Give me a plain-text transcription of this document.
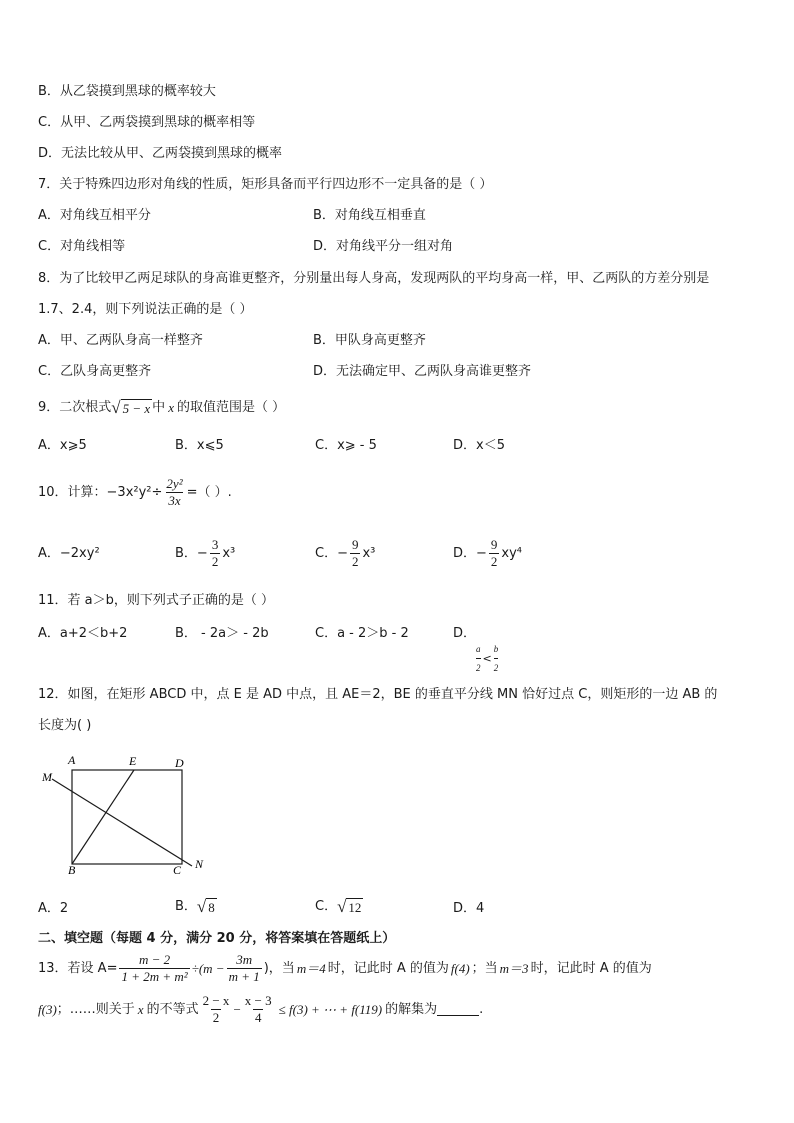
B．从乙袋摸到黑球的概率较大
C．从甲、乙两袋摸到黑球的概率相等
D．无法比较从甲、乙两袋摸到黑球的概率
7．关于特殊四边形对角线的性质，矩形具备而平行四边形不一定具备的是（ ）
A．对角线互相平分	B．对角线互相垂直
C．对角线相等	D．对角线平分一组对角
8．为了比较甲乙两足球队的身高谁更整齐，分别量出每人身高，发现两队的平均身高一样，甲、乙两队的方差分别是
1.7、2.4，则下列说法正确的是（ ）
A．甲、乙两队身高一样整齐	B．甲队身高更整齐
C．乙队身高更整齐	D．无法确定甲、乙两队身高谁更整齐
9．二次根式 √ 5 − x 中 x 的取值范围是（ ）
A．x⩾5	B．x⩽5	C．x⩾ - 5	D．x＜5
10．计算：$-3x^2y^2\div \frac{\text{2y²}}{3x}$ =（ ）.
A．−2xy²	B．− $\frac{3}{2} x^3$	C．− $\frac{9}{2} x^3$	D．− $\frac{9}{2} xy^4$
11．若 a＞b，则下列式子正确的是（ ）
A．a+2＜b+2	B． - 2a＞ - 2b	C．a - 2＞b - 2	D．
$\frac{a}{2} < \frac{b}{2}$
12．如图，在矩形 ABCD 中，点 E 是 AD 中点，且 AE＝2，BE 的垂直平分线 MN 恰好过点 C，则矩形的一边 AB 的
长度为( )
A	E	D
M
B	C N
A．2	B． √ 8	C． √ 12	D．4
二、填空题（每题 4 分，满分 20 分，将答案填在答题纸上）
13．若设 $A= \frac{m - 2}{\text{1 + 2m + m²}} \div(m - \frac{3m}{m + 1}$ )，当 m＝4 时，记此时 A 的值为 f(4) ；当 m＝3 时，记此时 A 的值为
f(3) ；……则关于 x 的不等式 $\frac{2 - x}{2} - \frac{x - 3}{4} \le f(3)$ + ⋯ + f(119) 的解集为	.
